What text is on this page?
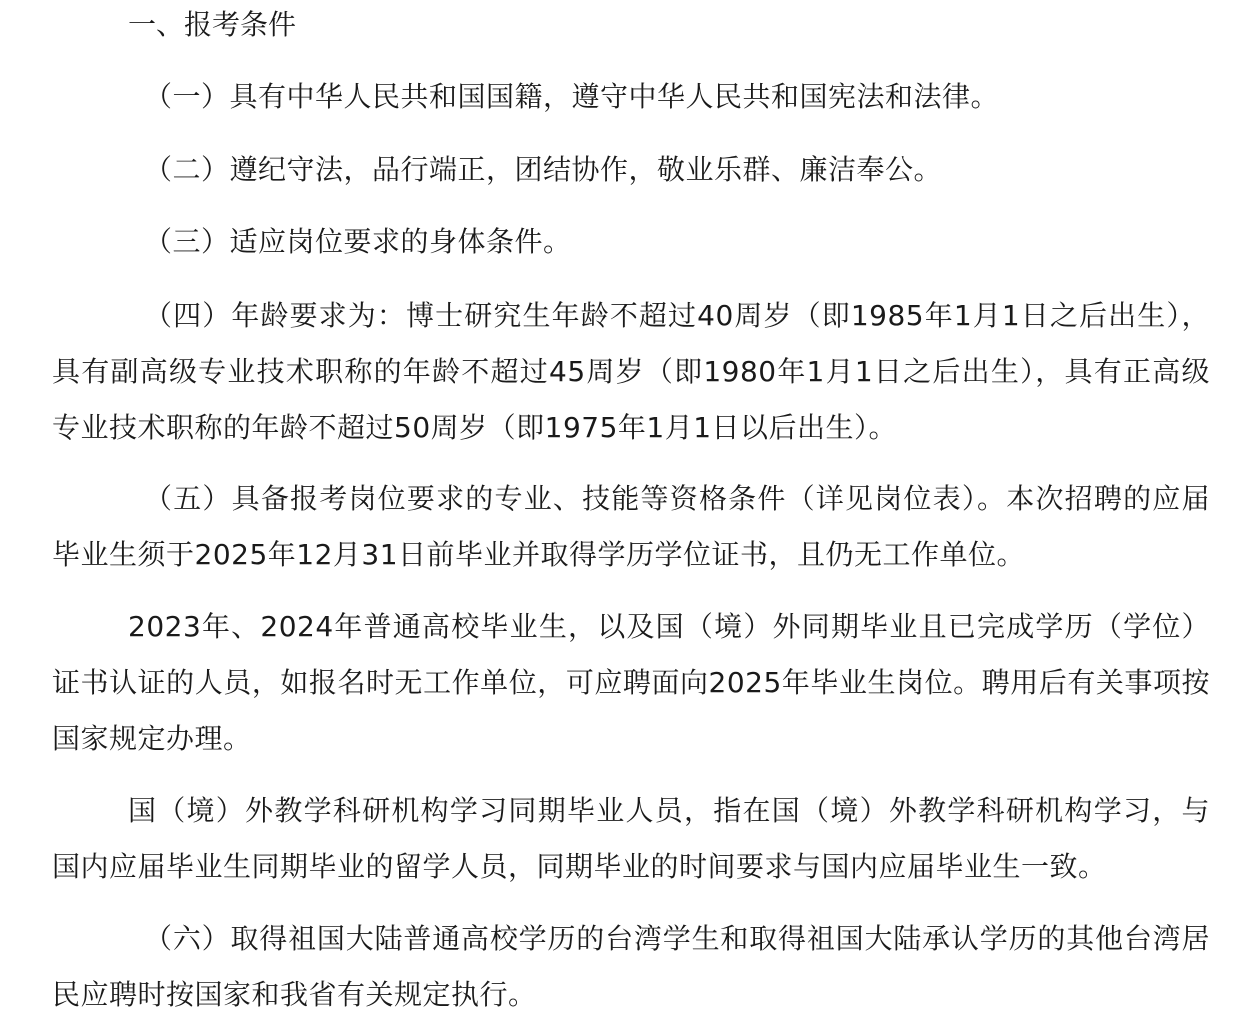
一、报考条件

（一）具有中华人民共和国国籍，遵守中华人民共和国宪法和法律。

（二）遵纪守法，品行端正，团结协作，敬业乐群、廉洁奉公。

（三）适应岗位要求的身体条件。

（四）年龄要求为：博士研究生年龄不超过40周岁（即1985年1月1日之后出生），具有副高级专业技术职称的年龄不超过45周岁（即1980年1月1日之后出生），具有正高级专业技术职称的年龄不超过50周岁（即1975年1月1日以后出生）。

（五）具备报考岗位要求的专业、技能等资格条件（详见岗位表）。本次招聘的应届毕业生须于2025年12月31日前毕业并取得学历学位证书，且仍无工作单位。

2023年、2024年普通高校毕业生，以及国（境）外同期毕业且已完成学历（学位）证书认证的人员，如报名时无工作单位，可应聘面向2025年毕业生岗位。聘用后有关事项按国家规定办理。

国（境）外教学科研机构学习同期毕业人员，指在国（境）外教学科研机构学习，与国内应届毕业生同期毕业的留学人员，同期毕业的时间要求与国内应届毕业生一致。

（六）取得祖国大陆普通高校学历的台湾学生和取得祖国大陆承认学历的其他台湾居民应聘时按国家和我省有关规定执行。
